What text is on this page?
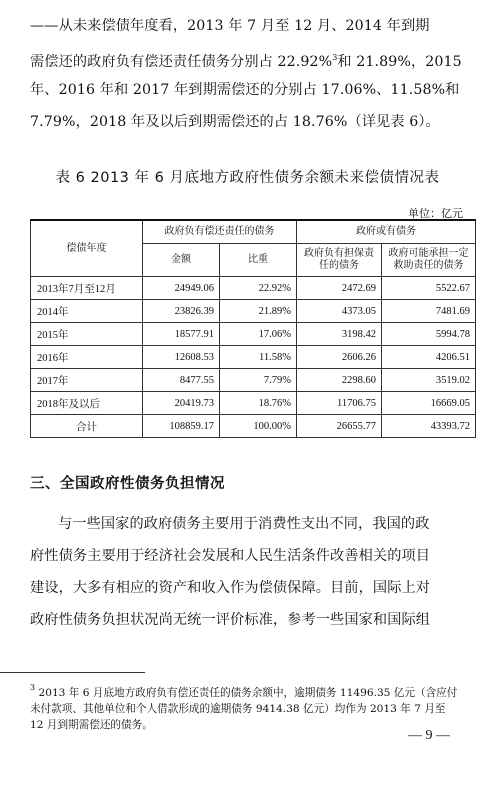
——从未来偿债年度看，2013 年 7 月至 12 月、2014 年到期
需偿还的政府负有偿还责任债务分别占 22.92%$^3$和 21.89%，2015
年、2016 年和 2017 年到期需偿还的分别占 17.06%、11.58%和
7.79%，2018 年及以后到期需偿还的占 18.76%（详见表 6）。
表 6 2013 年 6 月底地方政府性债务余额未来偿债情况表
单位：亿元
偿债年度	政府负有偿还责任的债务		政府或有债务	
	金额	比重	政府负有担保责任的债务	政府可能承担一定救助责任的债务
2013年7月至12月	24949.06	22.92%	2472.69	5522.67
2014年	23826.39	21.89%	4373.05	7481.69
2015年	18577.91	17.06%	3198.42	5994.78
2016年	12608.53	11.58%	2606.26	4206.51
2017年	8477.55	7.79%	2298.60	3519.02
2018年及以后	20419.73	18.76%	11706.75	16669.05
合计	108859.17	100.00%	26655.77	43393.72
三、全国政府性债务负担情况
与一些国家的政府债务主要用于消费性支出不同，我国的政
府性债务主要用于经济社会发展和人民生活条件改善相关的项目
建设，大多有相应的资产和收入作为偿债保障。目前，国际上对
政府性债务负担状况尚无统一评价标准，参考一些国家和国际组
$^3$ 2013 年 6 月底地方政府负有偿还责任的债务余额中，逾期债务 11496.35 亿元（含应付
未付款项、其他单位和个人借款形成的逾期债务 9414.38 亿元）均作为 2013 年 7 月至
12 月到期需偿还的债务。
— 9 —
